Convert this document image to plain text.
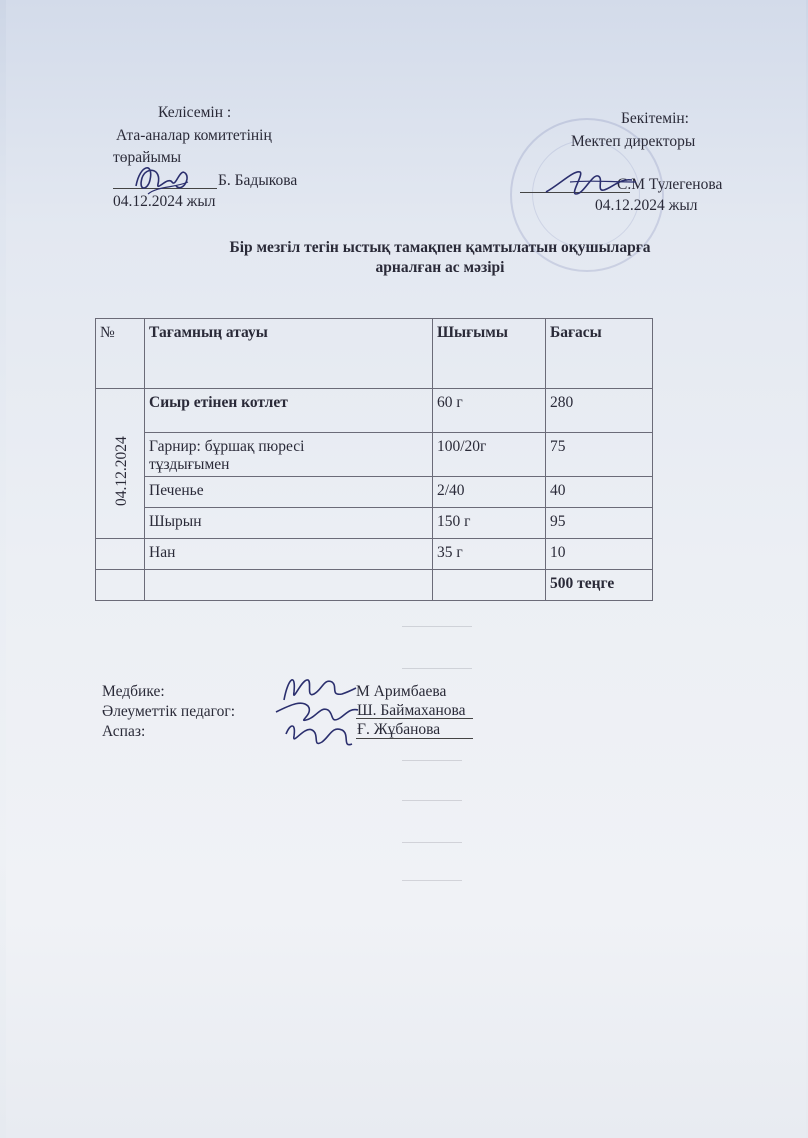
Келісемін :
Ата-аналар комитетінің
төрайымы
Б. Бадыкова
04.12.2024 жыл
Бекітемін:
Мектеп директоры
С.М Тулегенова
04.12.2024 жыл
Бір мезгіл тегін ыстық тамақпен қамтылатын оқушыларға
арналған ас мәзірі
№	Тағамның атауы	Шығымы	Бағасы
	Сиыр етінен котлет	60 г	280

	Гарнир: бұршақ пюресі
тұздығымен	100/20г	75
	Печенье	2/40	40
	Шырын	150 г	95
	Нан	35 г	10
			500 теңге
04.12.2024
Медбике:
Әлеуметтік педагог:
Аспаз:
М Аримбаева
Ш. Баймаханова
Ғ. Жұбанова
